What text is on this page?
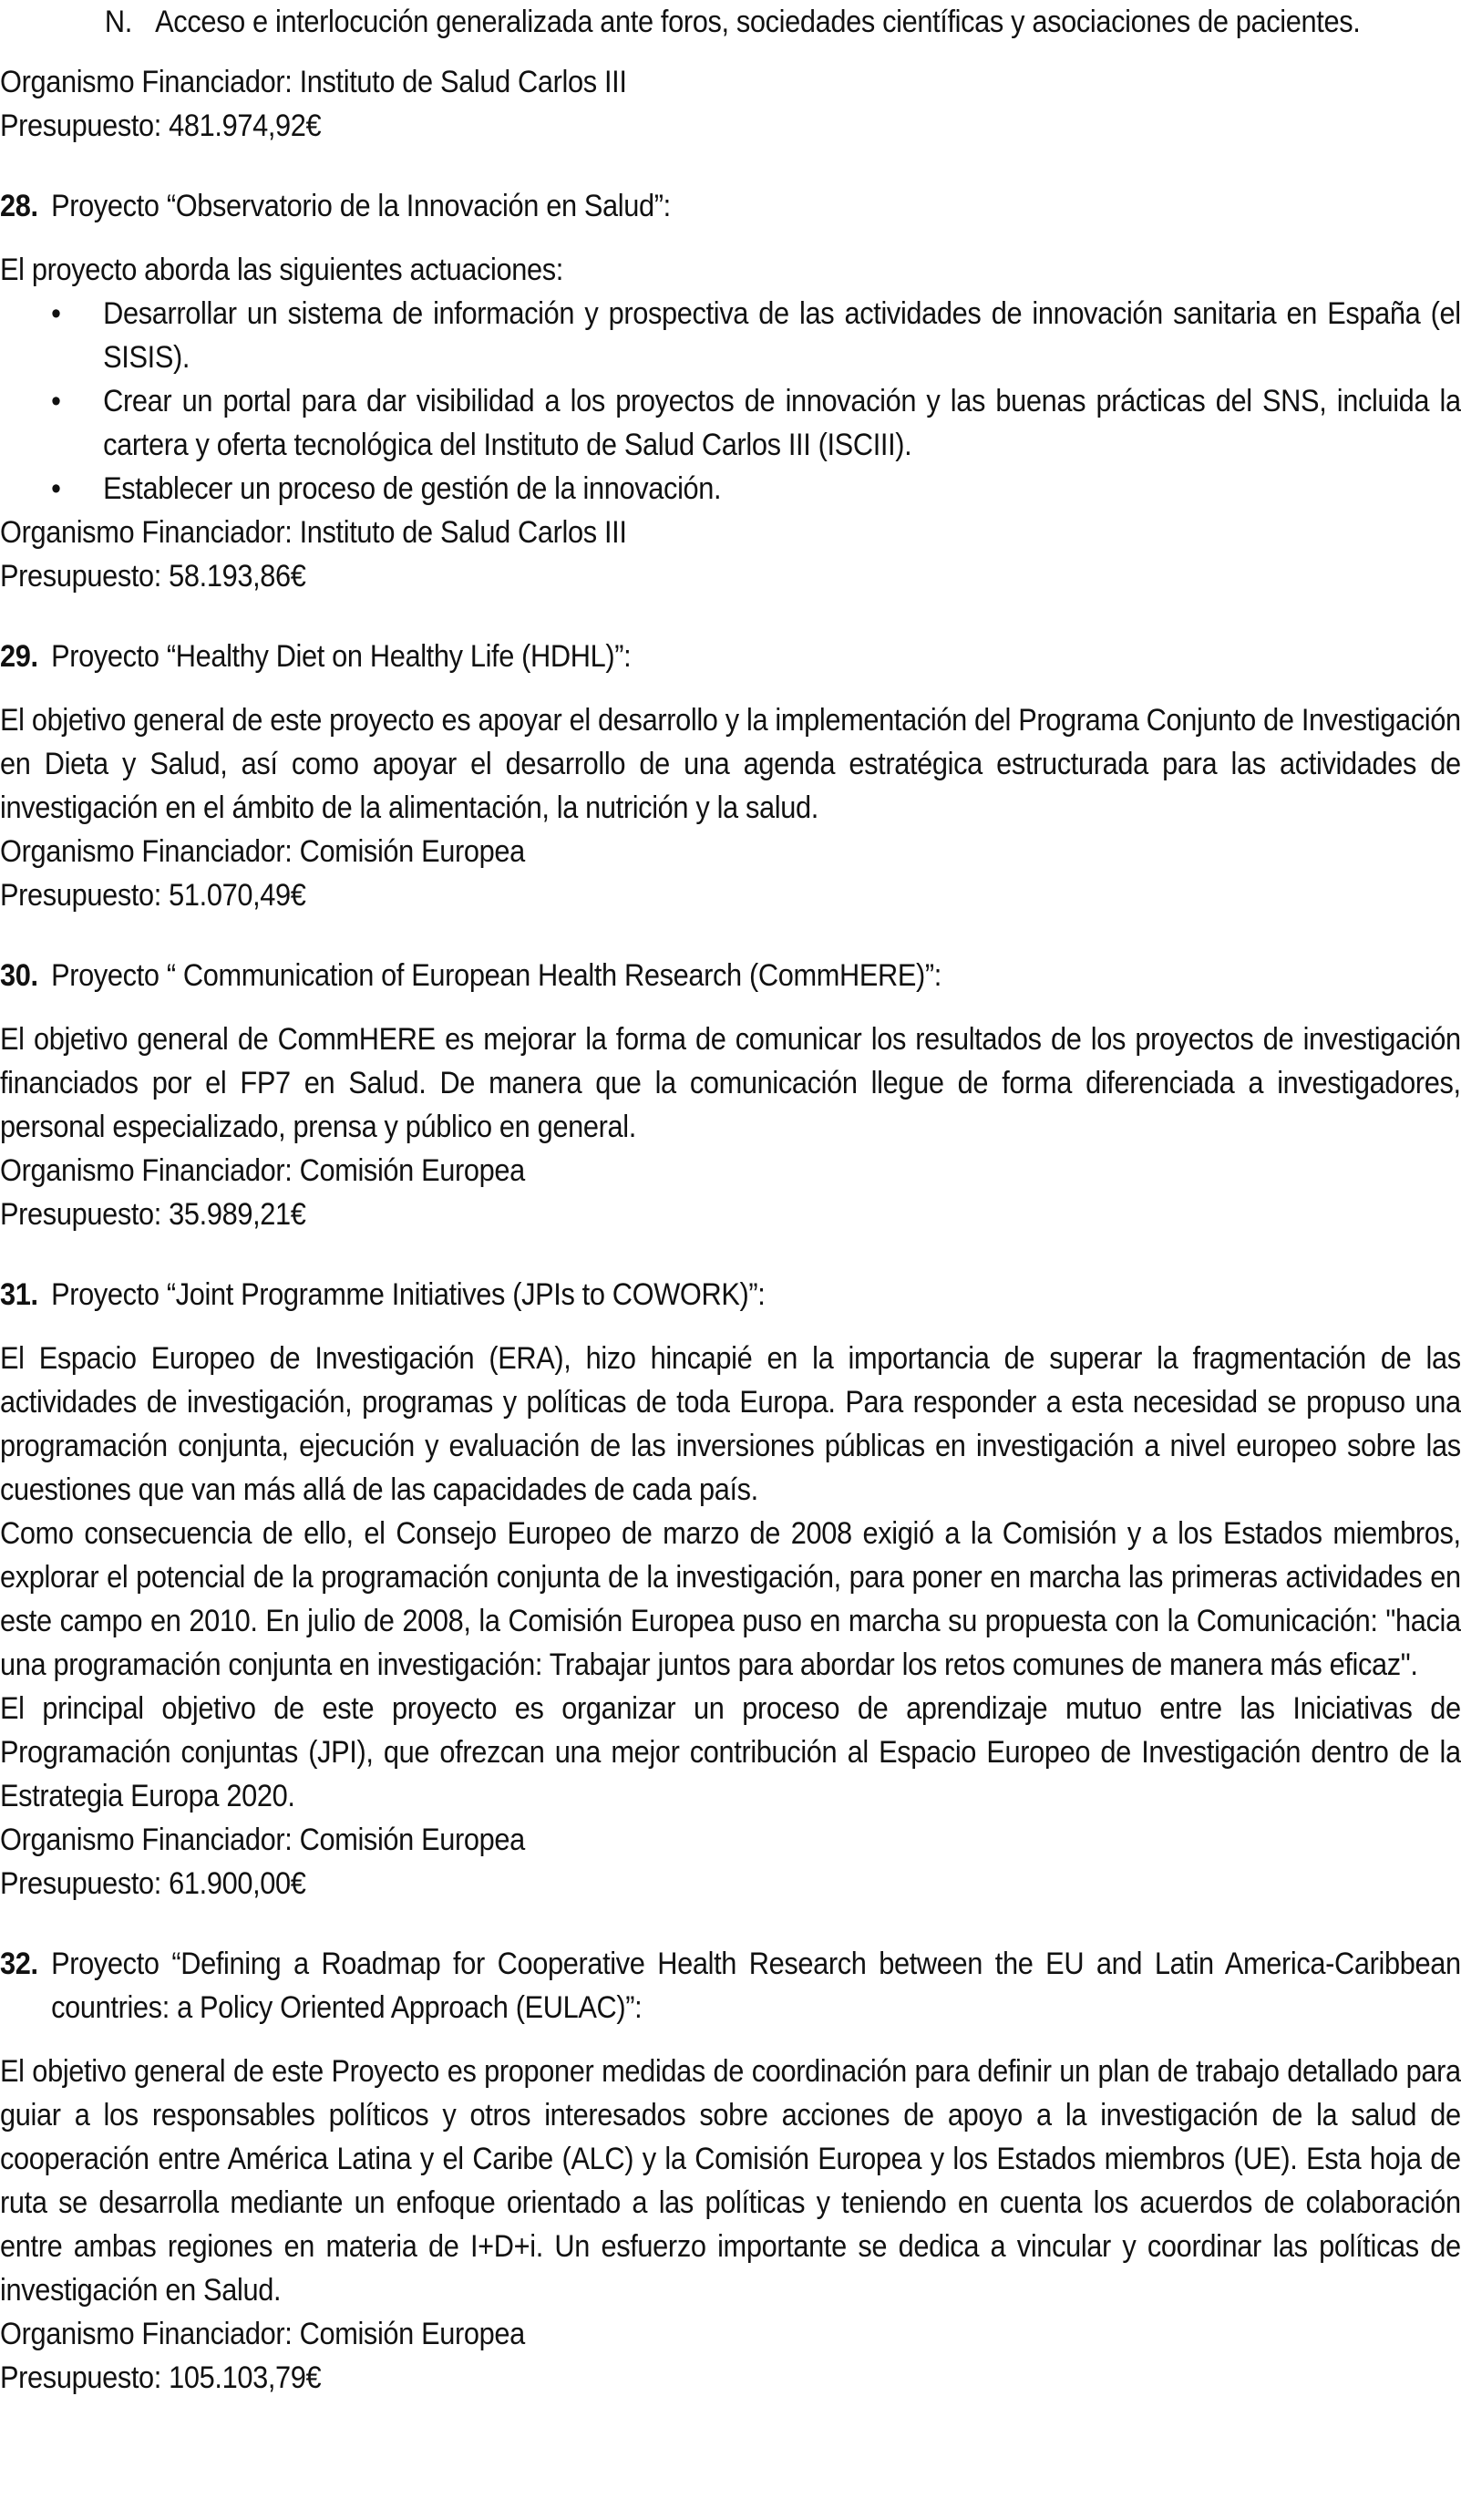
N. Acceso e interlocución generalizada ante foros, sociedades científicas y asociaciones de pacientes.

Organismo Financiador: Instituto de Salud Carlos III

Presupuesto: 481.974,92€

28. Proyecto “Observatorio de la Innovación en Salud”:

El proyecto aborda las siguientes actuaciones:

• Desarrollar un sistema de información y prospectiva de las actividades de innovación sanitaria en España (el SISIS).

• Crear un portal para dar visibilidad a los proyectos de innovación y las buenas prácticas del SNS, incluida la cartera y oferta tecnológica del Instituto de Salud Carlos III (ISCIII).

• Establecer un proceso de gestión de la innovación.

Organismo Financiador: Instituto de Salud Carlos III

Presupuesto: 58.193,86€

29. Proyecto “Healthy Diet on Healthy Life (HDHL)”:

El objetivo general de este proyecto es apoyar el desarrollo y la implementación del Programa Conjunto de Investigación en Dieta y Salud, así como apoyar el desarrollo de una agenda estratégica estructurada para las actividades de investigación en el ámbito de la alimentación, la nutrición y la salud.

Organismo Financiador: Comisión Europea

Presupuesto: 51.070,49€

30. Proyecto “ Communication of European Health Research (CommHERE)”:

El objetivo general de CommHERE es mejorar la forma de comunicar los resultados de los proyectos de investigación financiados por el FP7 en Salud. De manera que la comunicación llegue de forma diferenciada a investigadores, personal especializado, prensa y público en general.

Organismo Financiador: Comisión Europea

Presupuesto: 35.989,21€

31. Proyecto “Joint Programme Initiatives (JPIs to COWORK)”:

El Espacio Europeo de Investigación (ERA), hizo hincapié en la importancia de superar la fragmentación de las actividades de investigación, programas y políticas de toda Europa. Para responder a esta necesidad se propuso una programación conjunta, ejecución y evaluación de las inversiones públicas en investigación a nivel europeo sobre las cuestiones que van más allá de las capacidades de cada país.

Como consecuencia de ello, el Consejo Europeo de marzo de 2008 exigió a la Comisión y a los Estados miembros, explorar el potencial de la programación conjunta de la investigación, para poner en marcha las primeras actividades en este campo en 2010. En julio de 2008, la Comisión Europea puso en marcha su propuesta con la Comunicación: "hacia una programación conjunta en investigación: Trabajar juntos para abordar los retos comunes de manera más eficaz".

El principal objetivo de este proyecto es organizar un proceso de aprendizaje mutuo entre las Iniciativas de Programación conjuntas (JPI), que ofrezcan una mejor contribución al Espacio Europeo de Investigación dentro de la Estrategia Europa 2020.

Organismo Financiador: Comisión Europea

Presupuesto: 61.900,00€

32. Proyecto “Defining a Roadmap for Cooperative Health Research between the EU and Latin America-Caribbean countries: a Policy Oriented Approach (EULAC)”:

El objetivo general de este Proyecto es proponer medidas de coordinación para definir un plan de trabajo detallado para guiar a los responsables políticos y otros interesados sobre acciones de apoyo a la investigación de la salud de cooperación entre América Latina y el Caribe (ALC) y la Comisión Europea y los Estados miembros (UE). Esta hoja de ruta se desarrolla mediante un enfoque orientado a las políticas y teniendo en cuenta los acuerdos de colaboración entre ambas regiones en materia de I+D+i. Un esfuerzo importante se dedica a vincular y coordinar las políticas de investigación en Salud.

Organismo Financiador: Comisión Europea

Presupuesto: 105.103,79€
